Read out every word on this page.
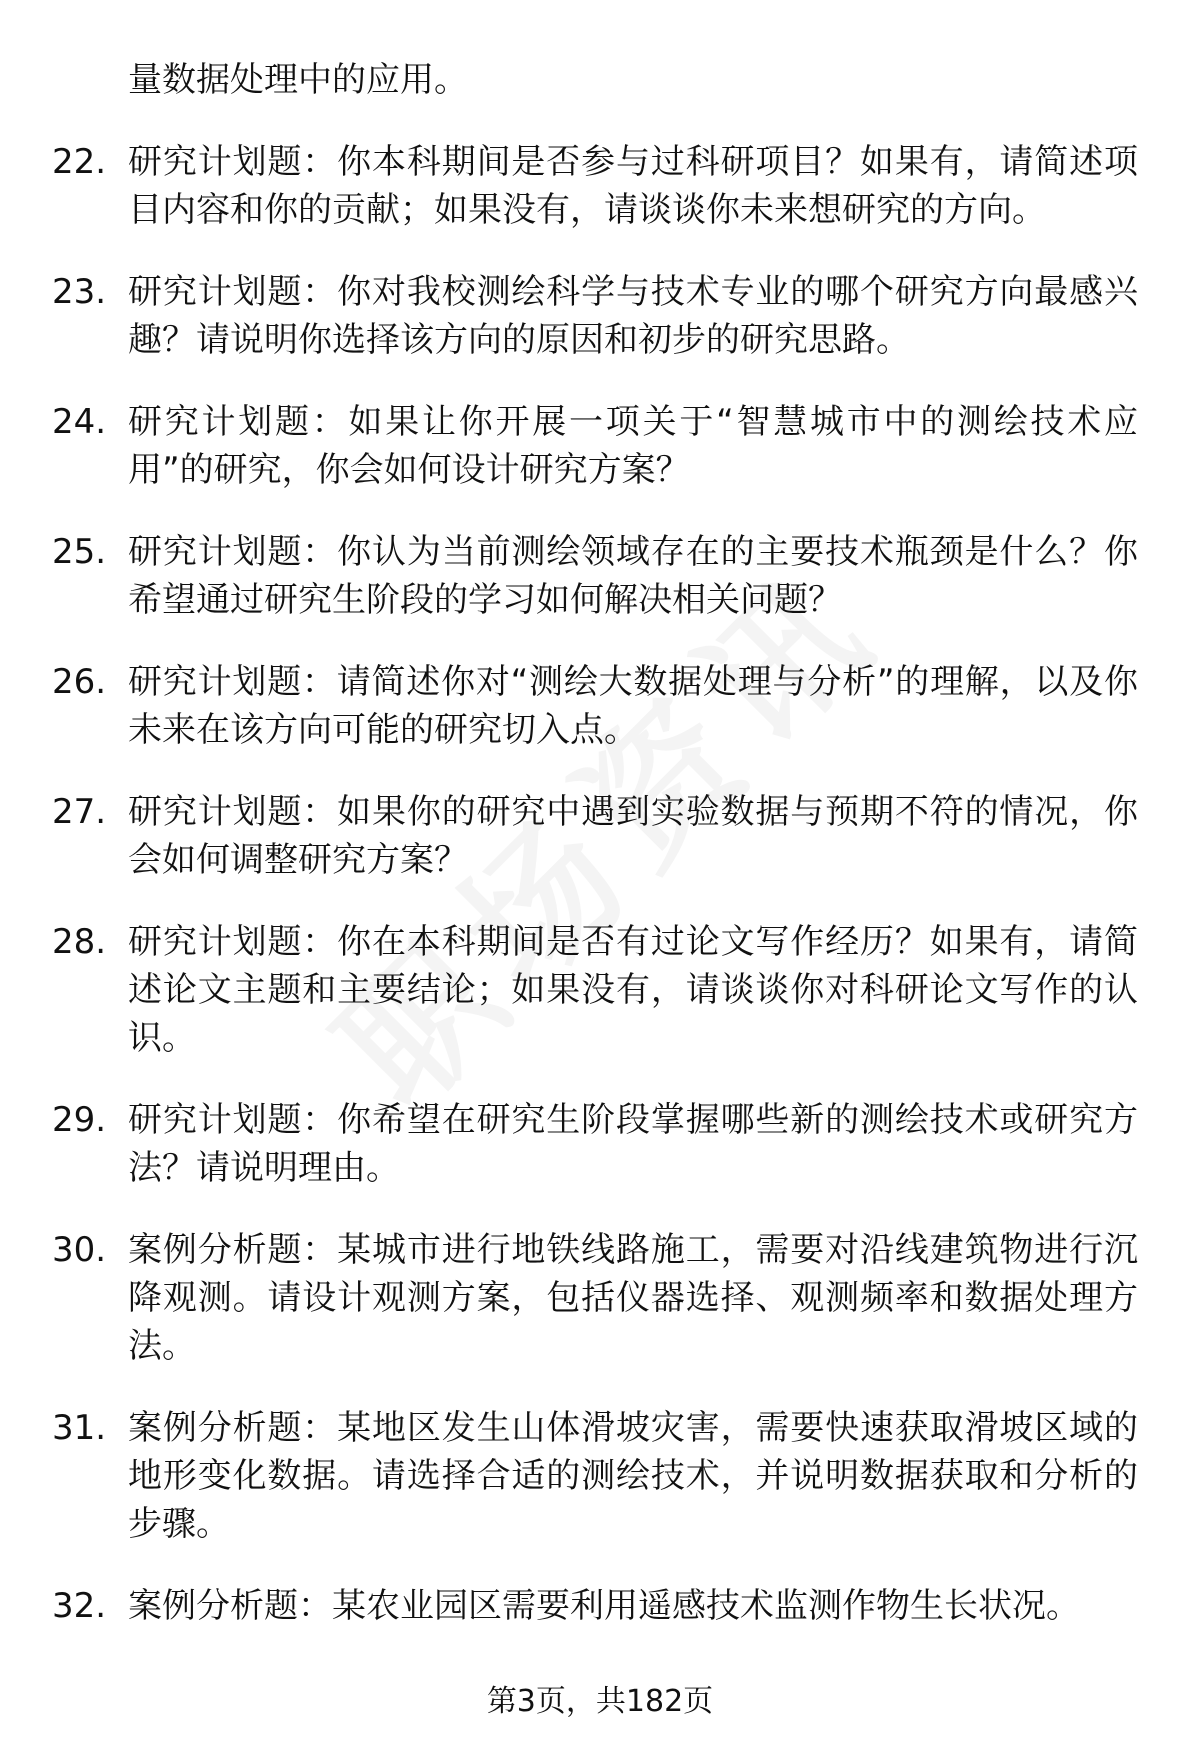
量数据处理中的应用。
22. 研究计划题：你本科期间是否参与过科研项目？如果有，请简述项目内容和你的贡献；如果没有，请谈谈你未来想研究的方向。
23. 研究计划题：你对我校测绘科学与技术专业的哪个研究方向最感兴趣？请说明你选择该方向的原因和初步的研究思路。
24. 研究计划题：如果让你开展一项关于“智慧城市中的测绘技术应用”的研究，你会如何设计研究方案？
25. 研究计划题：你认为当前测绘领域存在的主要技术瓶颈是什么？你希望通过研究生阶段的学习如何解决相关问题？
26. 研究计划题：请简述你对“测绘大数据处理与分析”的理解，以及你未来在该方向可能的研究切入点。
27. 研究计划题：如果你的研究中遇到实验数据与预期不符的情况，你会如何调整研究方案？
28. 研究计划题：你在本科期间是否有过论文写作经历？如果有，请简述论文主题和主要结论；如果没有，请谈谈你对科研论文写作的认识。
29. 研究计划题：你希望在研究生阶段掌握哪些新的测绘技术或研究方法？请说明理由。
30. 案例分析题：某城市进行地铁线路施工，需要对沿线建筑物进行沉降观测。请设计观测方案，包括仪器选择、观测频率和数据处理方法。
31. 案例分析题：某地区发生山体滑坡灾害，需要快速获取滑坡区域的地形变化数据。请选择合适的测绘技术，并说明数据获取和分析的步骤。
32. 案例分析题：某农业园区需要利用遥感技术监测作物生长状况。
第3页，共182页
